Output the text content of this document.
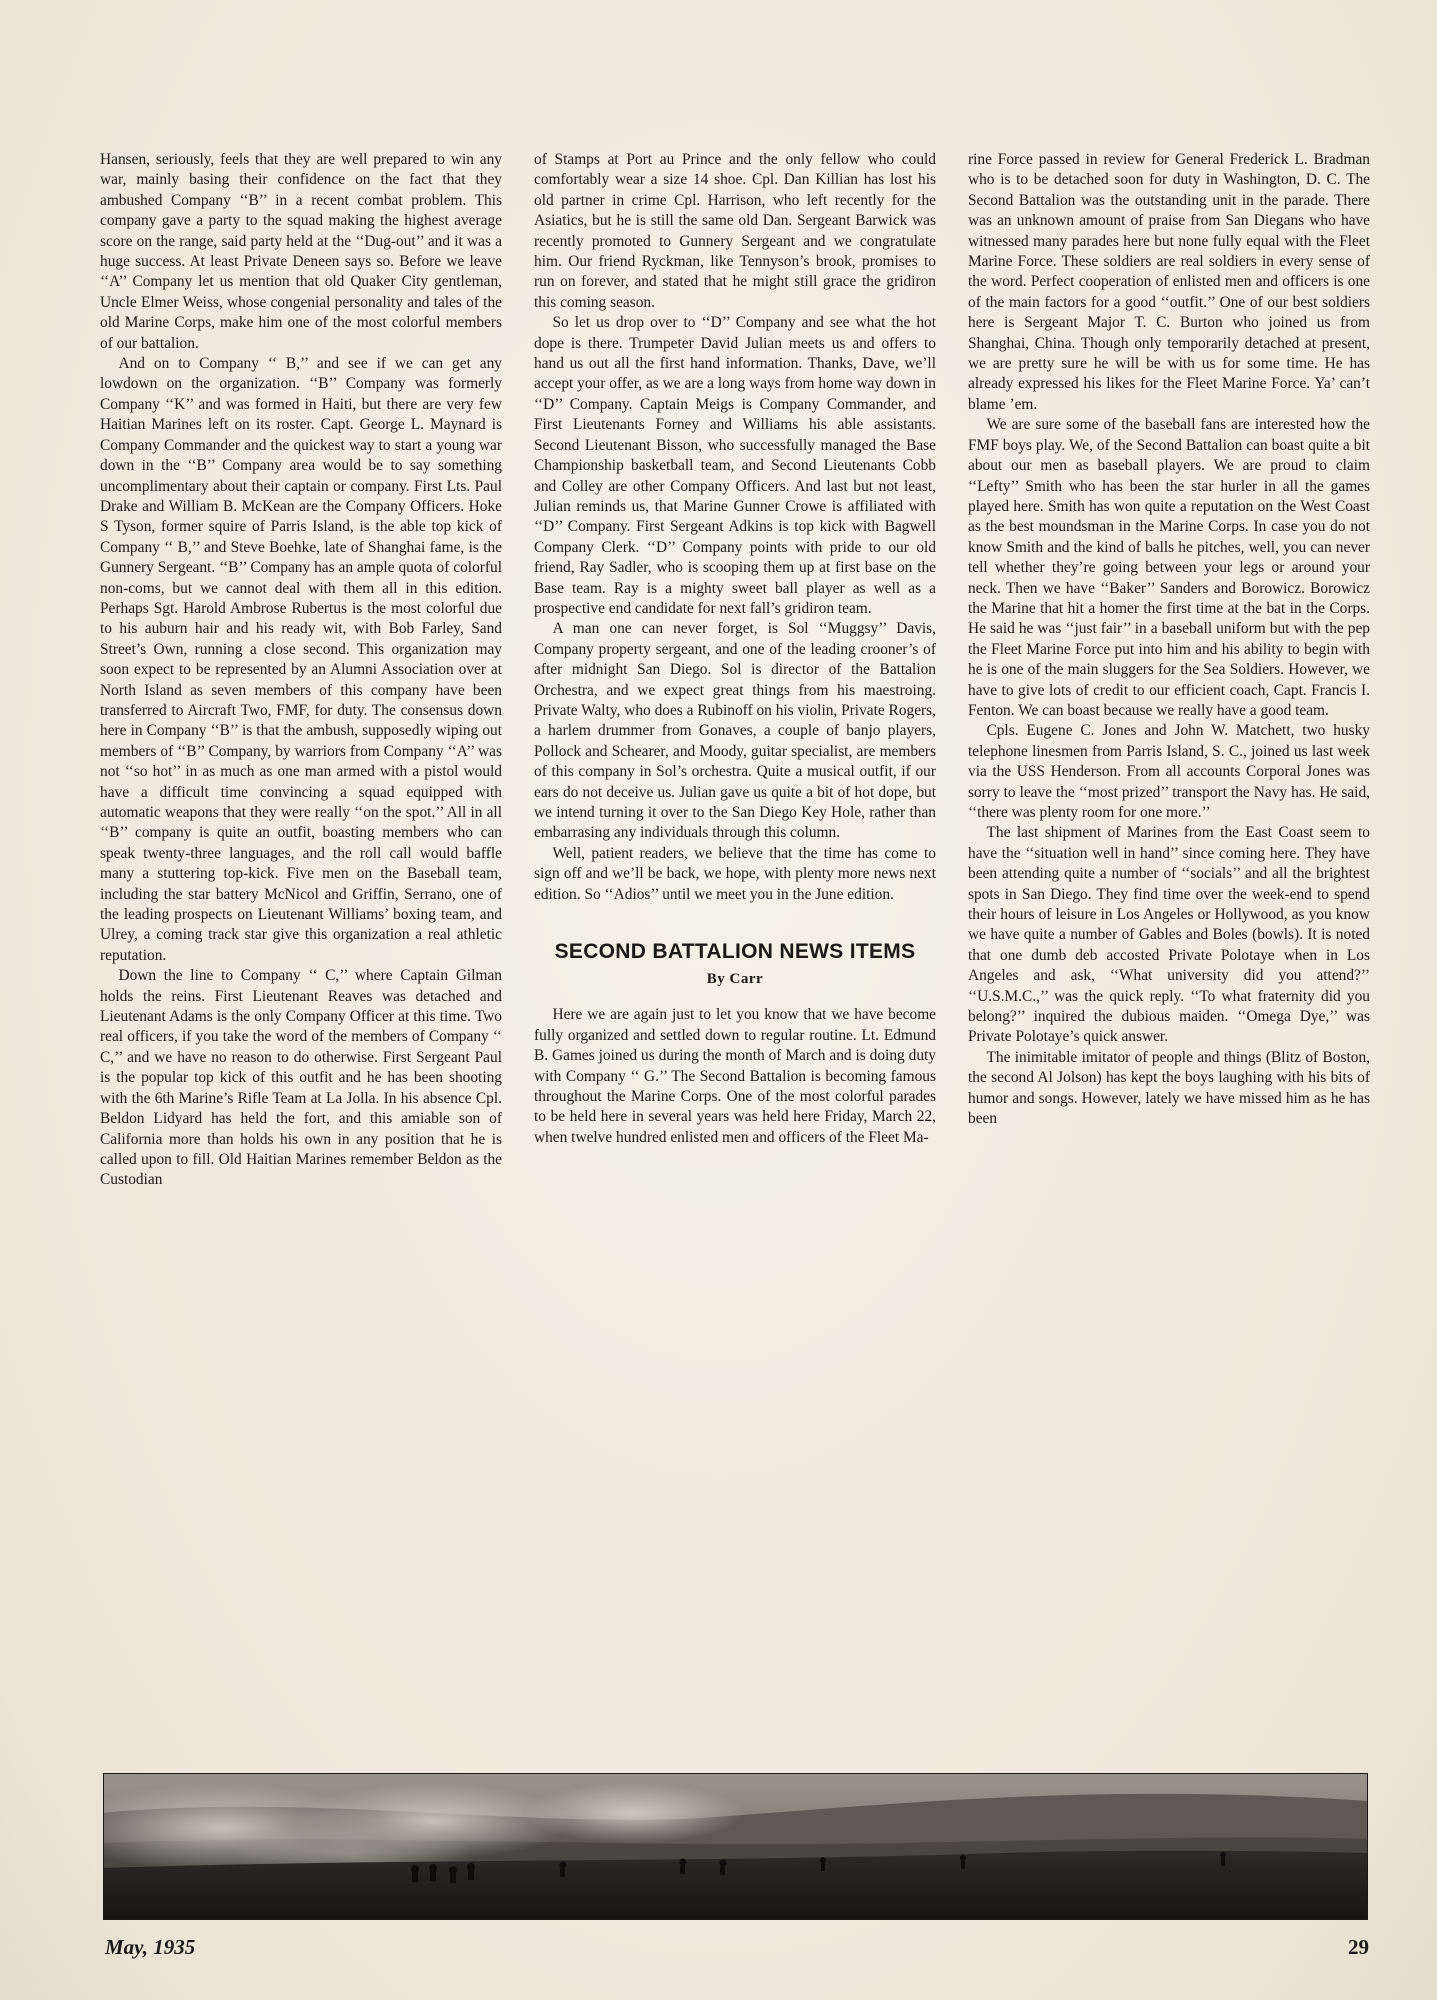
Hansen, seriously, feels that they are well prepared to win any war, mainly basing their confidence on the fact that they ambushed Company ‘‘B’’ in a recent combat problem. This company gave a party to the squad making the highest average score on the range, said party held at the ‘‘Dug-out’’ and it was a huge success. At least Private Deneen says so. Before we leave ‘‘A’’ Company let us mention that old Quaker City gentleman, Uncle Elmer Weiss, whose congenial personality and tales of the old Marine Corps, make him one of the most colorful members of our battalion.

And on to Company ‘‘ B,’’ and see if we can get any lowdown on the organization. ‘‘B’’ Company was formerly Company ‘‘K’’ and was formed in Haiti, but there are very few Haitian Marines left on its roster. Capt. George L. Maynard is Company Commander and the quickest way to start a young war down in the ‘‘B’’ Company area would be to say something uncomplimentary about their captain or company. First Lts. Paul Drake and William B. McKean are the Company Officers. Hoke S Tyson, former squire of Parris Island, is the able top kick of Company ‘‘ B,’’ and Steve Boehke, late of Shanghai fame, is the Gunnery Sergeant. ‘‘B’’ Company has an ample quota of colorful non-coms, but we cannot deal with them all in this edition. Perhaps Sgt. Harold Ambrose Rubertus is the most colorful due to his auburn hair and his ready wit, with Bob Farley, Sand Street’s Own, running a close second. This organization may soon expect to be represented by an Alumni Association over at North Island as seven members of this company have been transferred to Aircraft Two, FMF, for duty. The consensus down here in Company ‘‘B’’ is that the ambush, supposedly wiping out members of ‘‘B’’ Company, by warriors from Company ‘‘A’’ was not ‘‘so hot’’ in as much as one man armed with a pistol would have a difficult time convincing a squad equipped with automatic weapons that they were really ‘‘on the spot.’’ All in all ‘‘B’’ company is quite an outfit, boasting members who can speak twenty-three languages, and the roll call would baffle many a stuttering top-kick. Five men on the Baseball team, including the star battery McNicol and Griffin, Serrano, one of the leading prospects on Lieutenant Williams’ boxing team, and Ulrey, a coming track star give this organization a real athletic reputation.

Down the line to Company ‘‘ C,’’ where Captain Gilman holds the reins. First Lieutenant Reaves was detached and Lieutenant Adams is the only Company Officer at this time. Two real officers, if you take the word of the members of Company ‘‘ C,’’ and we have no reason to do otherwise. First Sergeant Paul is the popular top kick of this outfit and he has been shooting with the 6th Marine’s Rifle Team at La Jolla. In his absence Cpl. Beldon Lidyard has held the fort, and this amiable son of California more than holds his own in any position that he is called upon to fill. Old Haitian Marines remember Beldon as the Custodian

of Stamps at Port au Prince and the only fellow who could comfortably wear a size 14 shoe. Cpl. Dan Killian has lost his old partner in crime Cpl. Harrison, who left recently for the Asiatics, but he is still the same old Dan. Sergeant Barwick was recently promoted to Gunnery Sergeant and we congratulate him. Our friend Ryckman, like Tennyson’s brook, promises to run on forever, and stated that he might still grace the gridiron this coming season.

So let us drop over to ‘‘D’’ Company and see what the hot dope is there. Trumpeter David Julian meets us and offers to hand us out all the first hand information. Thanks, Dave, we’ll accept your offer, as we are a long ways from home way down in ‘‘D’’ Company. Captain Meigs is Company Commander, and First Lieutenants Forney and Williams his able assistants. Second Lieutenant Bisson, who successfully managed the Base Championship basketball team, and Second Lieutenants Cobb and Colley are other Company Officers. And last but not least, Julian reminds us, that Marine Gunner Crowe is affiliated with ‘‘D’’ Company. First Sergeant Adkins is top kick with Bagwell Company Clerk. ‘‘D’’ Company points with pride to our old friend, Ray Sadler, who is scooping them up at first base on the Base team. Ray is a mighty sweet ball player as well as a prospective end candidate for next fall’s gridiron team.

A man one can never forget, is Sol ‘‘Muggsy’’ Davis, Company property sergeant, and one of the leading crooner’s of after midnight San Diego. Sol is director of the Battalion Orchestra, and we expect great things from his maestroing. Private Walty, who does a Rubinoff on his violin, Private Rogers, a harlem drummer from Gonaves, a couple of banjo players, Pollock and Schearer, and Moody, guitar specialist, are members of this company in Sol’s orchestra. Quite a musical outfit, if our ears do not deceive us. Julian gave us quite a bit of hot dope, but we intend turning it over to the San Diego Key Hole, rather than embarrasing any individuals through this column.

Well, patient readers, we believe that the time has come to sign off and we’ll be back, we hope, with plenty more news next edition. So ‘‘Adios’’ until we meet you in the June edition.

SECOND BATTALION NEWS ITEMS
By Carr

Here we are again just to let you know that we have become fully organized and settled down to regular routine. Lt. Edmund B. Games joined us during the month of March and is doing duty with Company ‘‘ G.’’ The Second Battalion is becoming famous throughout the Marine Corps. One of the most colorful parades to be held here in several years was held here Friday, March 22, when twelve hundred enlisted men and officers of the Fleet Ma-

rine Force passed in review for General Frederick L. Bradman who is to be detached soon for duty in Washington, D. C. The Second Battalion was the outstanding unit in the parade. There was an unknown amount of praise from San Diegans who have witnessed many parades here but none fully equal with the Fleet Marine Force. These soldiers are real soldiers in every sense of the word. Perfect cooperation of enlisted men and officers is one of the main factors for a good ‘‘outfit.’’ One of our best soldiers here is Sergeant Major T. C. Burton who joined us from Shanghai, China. Though only temporarily detached at present, we are pretty sure he will be with us for some time. He has already expressed his likes for the Fleet Marine Force. Ya’ can’t blame ’em.

We are sure some of the baseball fans are interested how the FMF boys play. We, of the Second Battalion can boast quite a bit about our men as baseball players. We are proud to claim ‘‘Lefty’’ Smith who has been the star hurler in all the games played here. Smith has won quite a reputation on the West Coast as the best moundsman in the Marine Corps. In case you do not know Smith and the kind of balls he pitches, well, you can never tell whether they’re going between your legs or around your neck. Then we have ‘‘Baker’’ Sanders and Borowicz. Borowicz the Marine that hit a homer the first time at the bat in the Corps. He said he was ‘‘just fair’’ in a baseball uniform but with the pep the Fleet Marine Force put into him and his ability to begin with he is one of the main sluggers for the Sea Soldiers. However, we have to give lots of credit to our efficient coach, Capt. Francis I. Fenton. We can boast because we really have a good team.

Cpls. Eugene C. Jones and John W. Matchett, two husky telephone linesmen from Parris Island, S. C., joined us last week via the USS Henderson. From all accounts Corporal Jones was sorry to leave the ‘‘most prized’’ transport the Navy has. He said, ‘‘there was plenty room for one more.’’

The last shipment of Marines from the East Coast seem to have the ‘‘situation well in hand’’ since coming here. They have been attending quite a number of ‘‘socials’’ and all the brightest spots in San Diego. They find time over the week-end to spend their hours of leisure in Los Angeles or Hollywood, as you know we have quite a number of Gables and Boles (bowls). It is noted that one dumb deb accosted Private Polotaye when in Los Angeles and ask, ‘‘What university did you attend?’’ ‘‘U.S.M.C.,’’ was the quick reply. ‘‘To what fraternity did you belong?’’ inquired the dubious maiden. ‘‘Omega Dye,’’ was Private Polotaye’s quick answer.

The inimitable imitator of people and things (Blitz of Boston, the second Al Jolson) has kept the boys laughing with his bits of humor and songs. However, lately we have missed him as he has been

May, 1935	29
